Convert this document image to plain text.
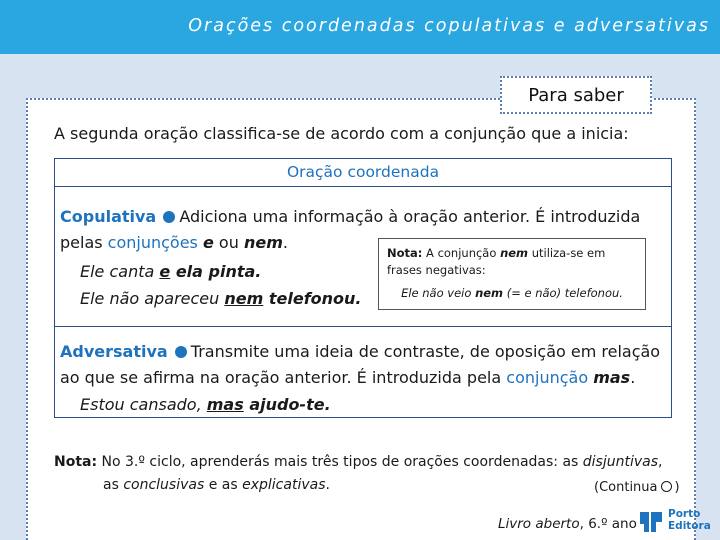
Orações coordenadas copulativas e adversativas
Para saber
A segunda oração classifica-se de acordo com a conjunção que a inicia:
Oração coordenada
Copulativa Adiciona uma informação à oração anterior. É introduzida
pelas conjunções e ou nem.
Ele canta e ela pinta.
Ele não apareceu nem telefonou.
Nota: A conjunção nem utiliza-se em
frases negativas:
Ele não veio nem (= e não) telefonou.
Adversativa Transmite uma ideia de contraste, de oposição em relação
ao que se afirma na oração anterior. É introduzida pela conjunção mas.
Estou cansado, mas ajudo-te.
Nota: No 3.º ciclo, aprenderás mais três tipos de orações coordenadas: as disjuntivas,
as conclusivas e as explicativas.	(Continua )
Livro aberto, 6.º ano
Porto
Editora
